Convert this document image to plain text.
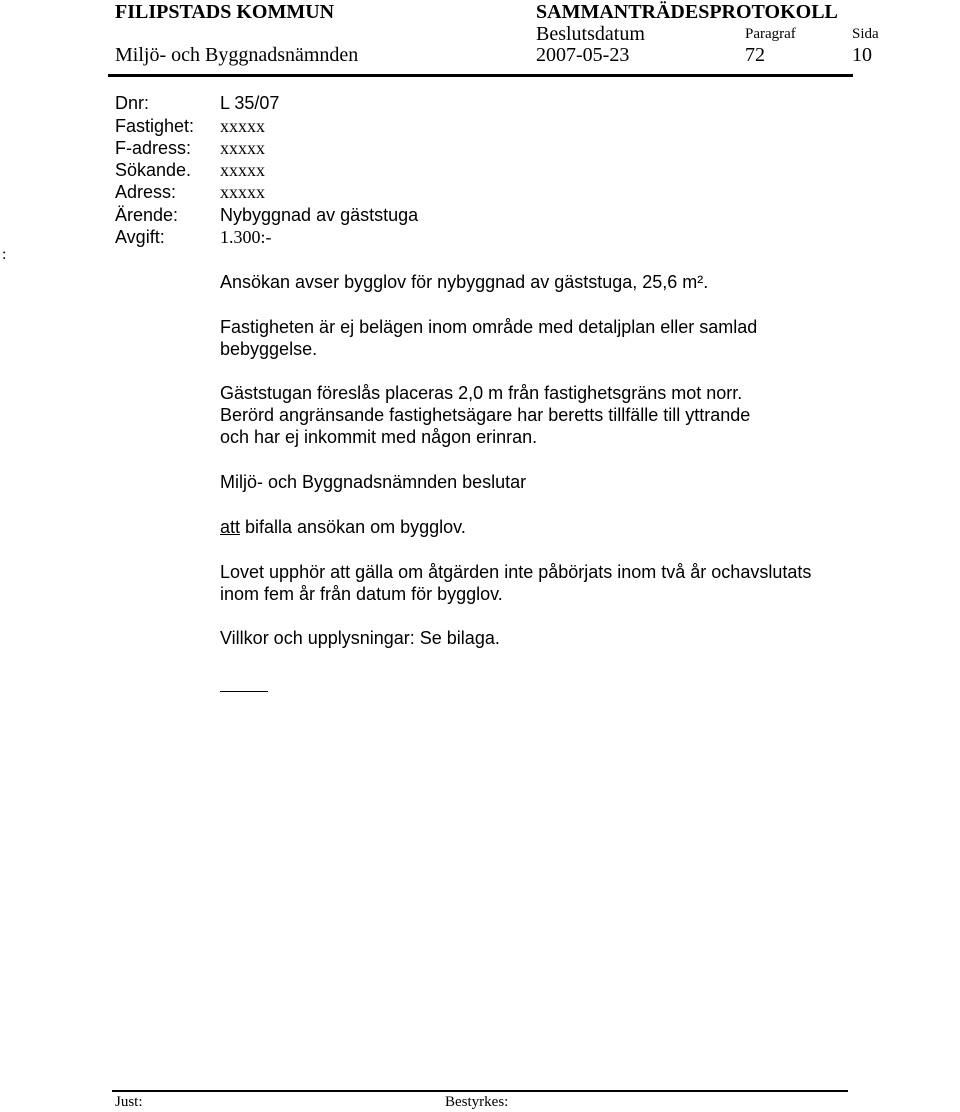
FILIPSTADS KOMMUN	SAMMANTRÄDESPROTOKOLL
Beslutsdatum	Paragraf	Sida
Miljö- och Byggnadsnämnden	2007-05-23	72	10
:
Dnr:	L 35/07
Fastighet: xxxxx
F-adress: xxxxx
Sökande. xxxxx
Adress: xxxxx
Ärende: Nybyggnad av gäststuga
Avgift:	1.300:-
Ansökan avser bygglov för nybyggnad av gäststuga, 25,6 m².
Fastigheten är ej belägen inom område med detaljplan eller samlad
bebyggelse.
Gäststugan föreslås placeras 2,0 m från fastighetsgräns mot norr.
Berörd angränsande fastighetsägare har beretts tillfälle till yttrande
och har ej inkommit med någon erinran.
Miljö- och Byggnadsnämnden beslutar
att bifalla ansökan om bygglov.
Lovet upphör att gälla om åtgärden inte påbörjats inom två år ochavslutats
inom fem år från datum för bygglov.
Villkor och upplysningar: Se bilaga.
Just:	Bestyrkes:
